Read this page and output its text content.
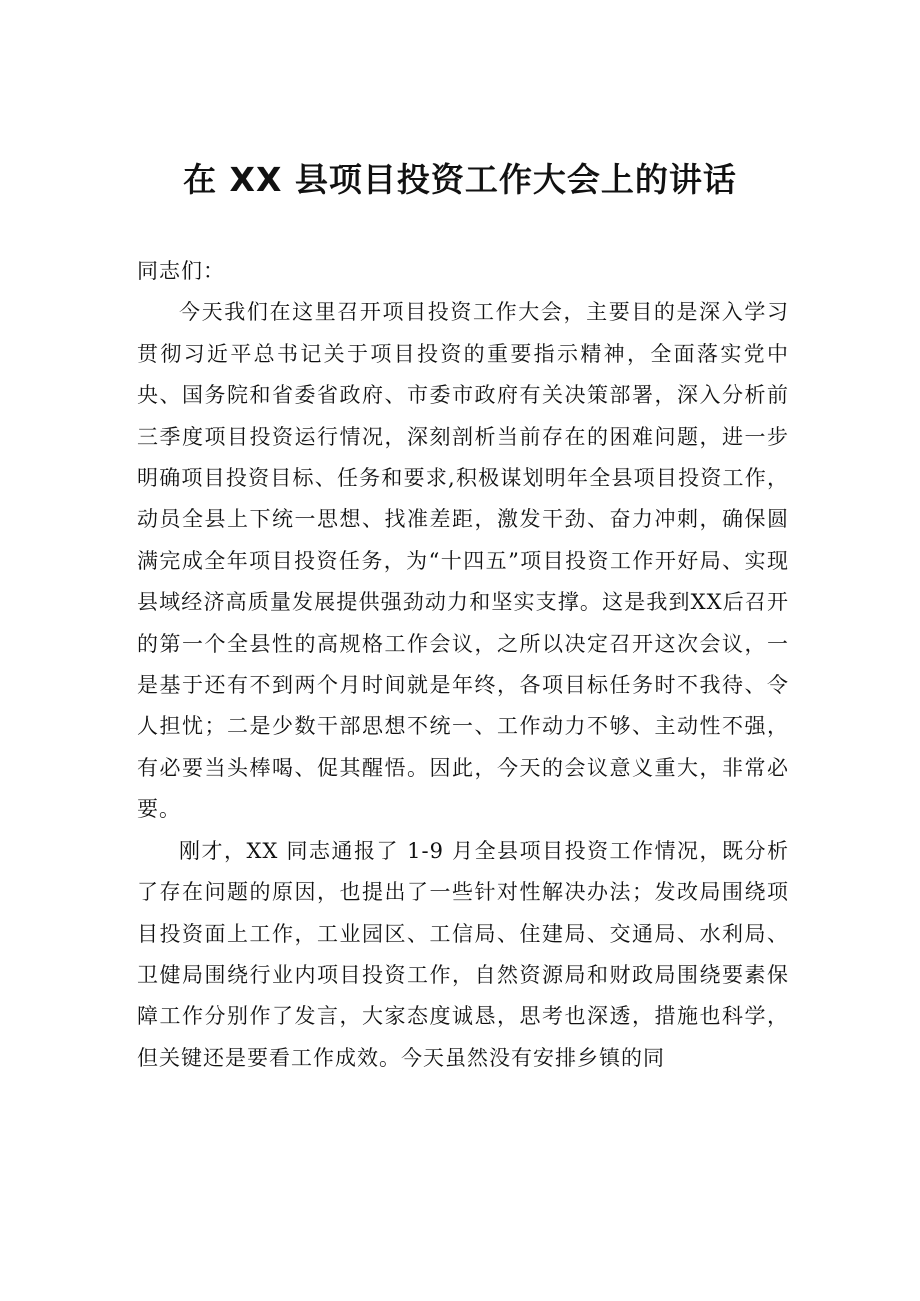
在 XX 县项目投资工作大会上的讲话

同志们：

今天我们在这里召开项目投资工作大会，主要目的是深入学习贯彻习近平总书记关于项目投资的重要指示精神，全面落实党中央、国务院和省委省政府、市委市政府有关决策部署，深入分析前三季度项目投资运行情况，深刻剖析当前存在的困难问题，进一步明确项目投资目标、任务和要求,积极谋划明年全县项目投资工作，动员全县上下统一思想、找准差距，激发干劲、奋力冲刺，确保圆满完成全年项目投资任务，为“十四五”项目投资工作开好局、实现县域经济高质量发展提供强劲动力和坚实支撑。这是我到XX后召开的第一个全县性的高规格工作会议，之所以决定召开这次会议，一是基于还有不到两个月时间就是年终，各项目标任务时不我待、令人担忧；二是少数干部思想不统一、工作动力不够、主动性不强，有必要当头棒喝、促其醒悟。因此，今天的会议意义重大，非常必要。

刚才，XX 同志通报了 1-9 月全县项目投资工作情况，既分析了存在问题的原因，也提出了一些针对性解决办法；发改局围绕项目投资面上工作，工业园区、工信局、住建局、交通局、水利局、卫健局围绕行业内项目投资工作，自然资源局和财政局围绕要素保障工作分别作了发言，大家态度诚恳，思考也深透，措施也科学，但关键还是要看工作成效。今天虽然没有安排乡镇的同
